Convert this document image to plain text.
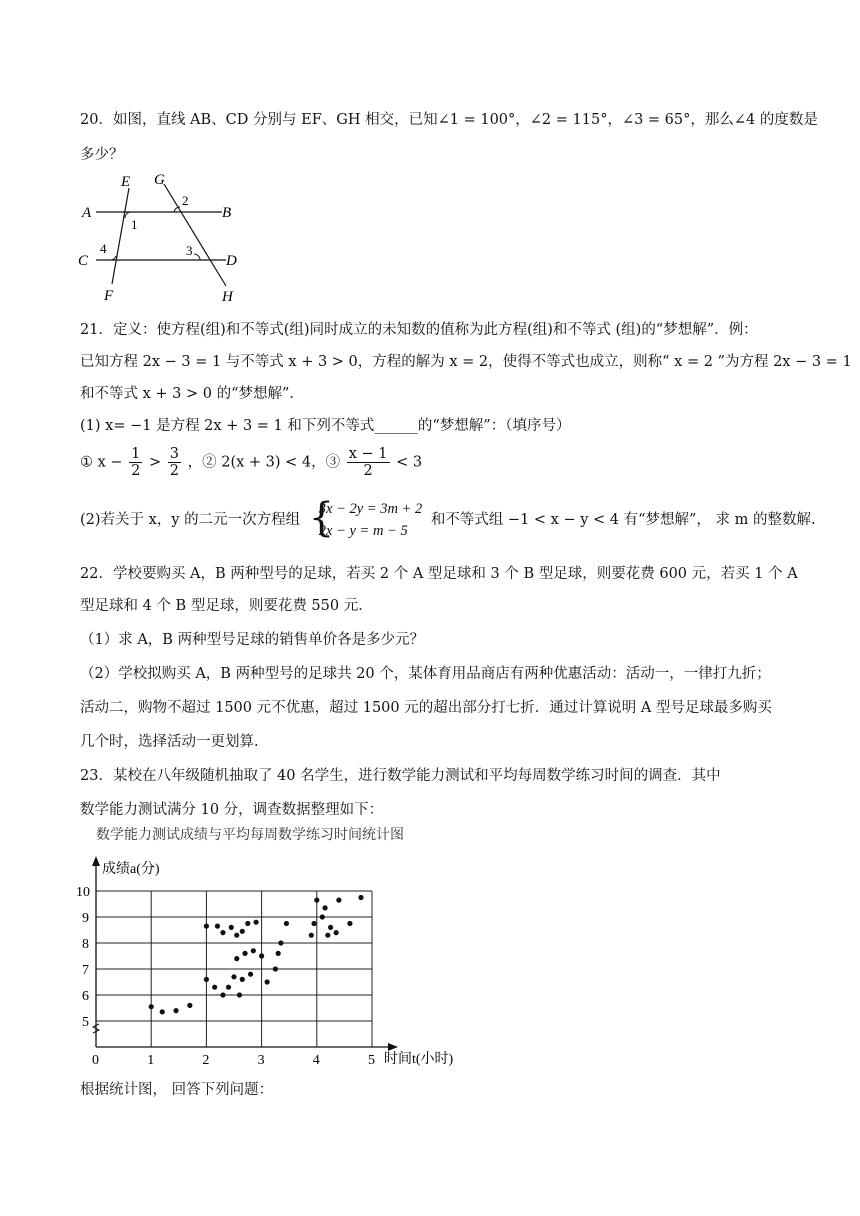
20．如图，直线 AB、CD 分别与 EF、GH 相交，已知∠1 = 100°，∠2 = 115°，∠3 = 65°，那么∠4 的度数是
多少？
E G
A	B
C	D
F	H
1
2
3
4
21．定义：使方程(组)和不等式(组)同时成立的未知数的值称为此方程(组)和不等式 (组)的“梦想解”．例：
已知方程 2x − 3 = 1 与不等式 x + 3 > 0，方程的解为 x = 2，使得不等式也成立，则称“ x = 2 ”为方程 2x − 3 = 1
和不等式 x + 3 > 0 的“梦想解”．
(1) x= −1 是方程 2x + 3 = 1 和下列不等式______的“梦想解”：（填序号）
① $x - \frac{1}{2} > \frac{3}{2}$ ，② 2(x + 3) < 4，③ $\frac{x - 1}{2} < 3$
(2)若关于 x，y 的二元一次方程组 {
3x − 2y = 3m + 2
2x − y = m − 5
和不等式组 −1 < x − y < 4 有“梦想解”， 求 m 的整数解.
22．学校要购买 A，B 两种型号的足球，若买 2 个 A 型足球和 3 个 B 型足球，则要花费 600 元，若买 1 个 A
型足球和 4 个 B 型足球，则要花费 550 元．
（1）求 A，B 两种型号足球的销售单价各是多少元？
（2）学校拟购买 A，B 两种型号的足球共 20 个，某体育用品商店有两种优惠活动：活动一，一律打九折；
活动二，购物不超过 1500 元不优惠，超过 1500 元的超出部分打七折．通过计算说明 A 型号足球最多购买
几个时，选择活动一更划算.
23．某校在八年级随机抽取了 40 名学生，进行数学能力测试和平均每周数学练习时间的调查．其中
数学能力测试满分 10 分，调查数据整理如下：
数学能力测试成绩与平均每周数学练习时间统计图
成绩a(分)
时间t(小时)
0	1	2	3	4	5
5
6
7
8
9
10
根据统计图， 回答下列问题：
